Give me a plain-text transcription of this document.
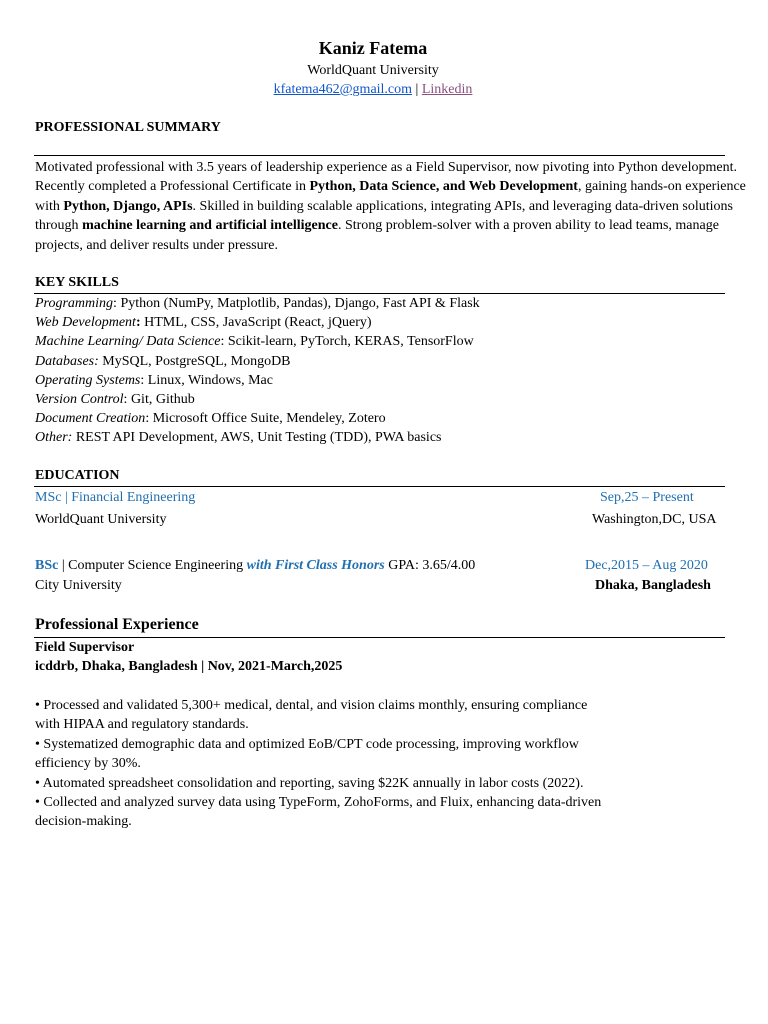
Kaniz Fatema
WorldQuant University
kfatema462@gmail.com | Linkedin
PROFESSIONAL SUMMARY
Motivated professional with 3.5 years of leadership experience as a Field Supervisor, now pivoting into Python development. Recently completed a Professional Certificate in Python, Data Science, and Web Development, gaining hands-on experience with Python, Django, APIs. Skilled in building scalable applications, integrating APIs, and leveraging data-driven solutions through machine learning and artificial intelligence. Strong problem-solver with a proven ability to lead teams, manage projects, and deliver results under pressure.
KEY SKILLS
Programming: Python (NumPy, Matplotlib, Pandas), Django, Fast API & Flask
Web Development: HTML, CSS, JavaScript (React, jQuery)
Machine Learning/ Data Science: Scikit-learn, PyTorch, KERAS, TensorFlow
Databases: MySQL, PostgreSQL, MongoDB
Operating Systems: Linux, Windows, Mac
Version Control: Git, Github
Document Creation: Microsoft Office Suite, Mendeley, Zotero
Other: REST API Development, AWS, Unit Testing (TDD), PWA basics
EDUCATION
MSc | Financial Engineering	Sep,25 – Present
WorldQuant University	Washington,DC, USA
BSc | Computer Science Engineering with First Class Honors GPA: 3.65/4.00	Dec,2015 – Aug 2020
City University	Dhaka, Bangladesh
Professional Experience
Field Supervisor
icddrb, Dhaka, Bangladesh | Nov, 2021-March,2025
• Processed and validated 5,300+ medical, dental, and vision claims monthly, ensuring compliance with HIPAA and regulatory standards.
• Systematized demographic data and optimized EoB/CPT code processing, improving workflow efficiency by 30%.
• Automated spreadsheet consolidation and reporting, saving $22K annually in labor costs (2022).
• Collected and analyzed survey data using TypeForm, ZohoForms, and Fluix, enhancing data-driven decision-making.
